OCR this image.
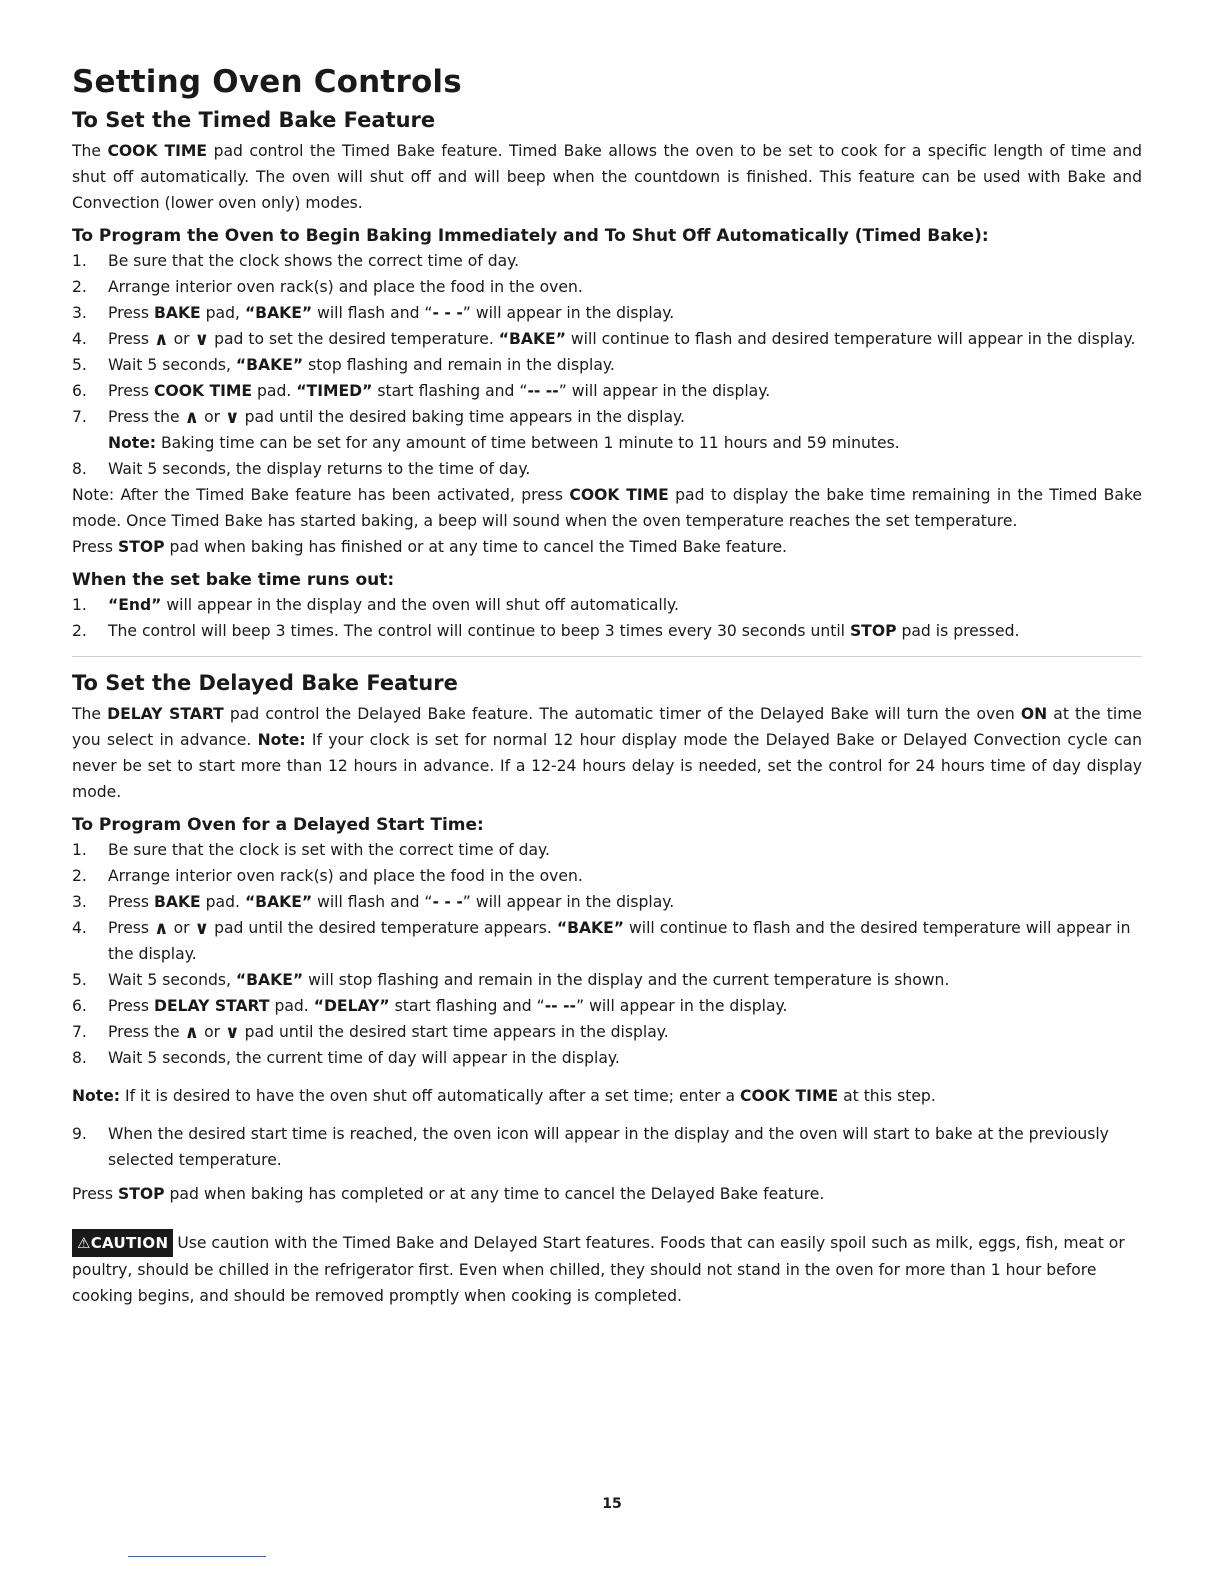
Setting Oven Controls
To Set the Timed Bake Feature

The COOK TIME pad control the Timed Bake feature. Timed Bake allows the oven to be set to cook for a specific length of time and shut off automatically. The oven will shut off and will beep when the countdown is finished. This feature can be used with Bake and Convection (lower oven only) modes.

To Program the Oven to Begin Baking Immediately and To Shut Off Automatically (Timed Bake):
1.	Be sure that the clock shows the correct time of day.
2.	Arrange interior oven rack(s) and place the food in the oven.
3.	Press BAKE pad, “BAKE” will flash and “- - -” will appear in the display.
4.	Press ∧ or ∨ pad to set the desired temperature. “BAKE” will continue to flash and desired temperature will appear in the display.
5.	Wait 5 seconds, “BAKE” stop flashing and remain in the display.
6.	Press COOK TIME pad. “TIMED” start flashing and “-- --” will appear in the display.
7.	Press the ∧ or ∨ pad until the desired baking time appears in the display.
Note: Baking time can be set for any amount of time between 1 minute to 11 hours and 59 minutes.
8.	Wait 5 seconds, the display returns to the time of day.

Note: After the Timed Bake feature has been activated, press COOK TIME pad to display the bake time remaining in the Timed Bake mode. Once Timed Bake has started baking, a beep will sound when the oven temperature reaches the set temperature.

Press STOP pad when baking has finished or at any time to cancel the Timed Bake feature.

When the set bake time runs out:
1.	“End” will appear in the display and the oven will shut off automatically.
2.	The control will beep 3 times. The control will continue to beep 3 times every 30 seconds until STOP pad is pressed.
To Set the Delayed Bake Feature

The DELAY START pad control the Delayed Bake feature. The automatic timer of the Delayed Bake will turn the oven ON at the time you select in advance. Note: If your clock is set for normal 12 hour display mode the Delayed Bake or Delayed Convection cycle can never be set to start more than 12 hours in advance. If a 12-24 hours delay is needed, set the control for 24 hours time of day display mode.

To Program Oven for a Delayed Start Time:
1.	Be sure that the clock is set with the correct time of day.
2.	Arrange interior oven rack(s) and place the food in the oven.
3.	Press BAKE pad. “BAKE” will flash and “- - -” will appear in the display.
4.	Press ∧ or ∨ pad until the desired temperature appears. “BAKE” will continue to flash and the desired temperature will appear in the display.
5.	Wait 5 seconds, “BAKE” will stop flashing and remain in the display and the current temperature is shown.
6.	Press DELAY START pad. “DELAY” start flashing and “-- --” will appear in the display.
7.	Press the ∧ or ∨ pad until the desired start time appears in the display.
8.	Wait 5 seconds, the current time of day will appear in the display.

Note: If it is desired to have the oven shut off automatically after a set time; enter a COOK TIME at this step.

9.	When the desired start time is reached, the oven icon will appear in the display and the oven will start to bake at the previously selected temperature.

Press STOP pad when baking has completed or at any time to cancel the Delayed Bake feature.

⚠CAUTION Use caution with the Timed Bake and Delayed Start features. Foods that can easily spoil such as milk, eggs, fish, meat or poultry, should be chilled in the refrigerator first. Even when chilled, they should not stand in the oven for more than 1 hour before cooking begins, and should be removed promptly when cooking is completed.

15
